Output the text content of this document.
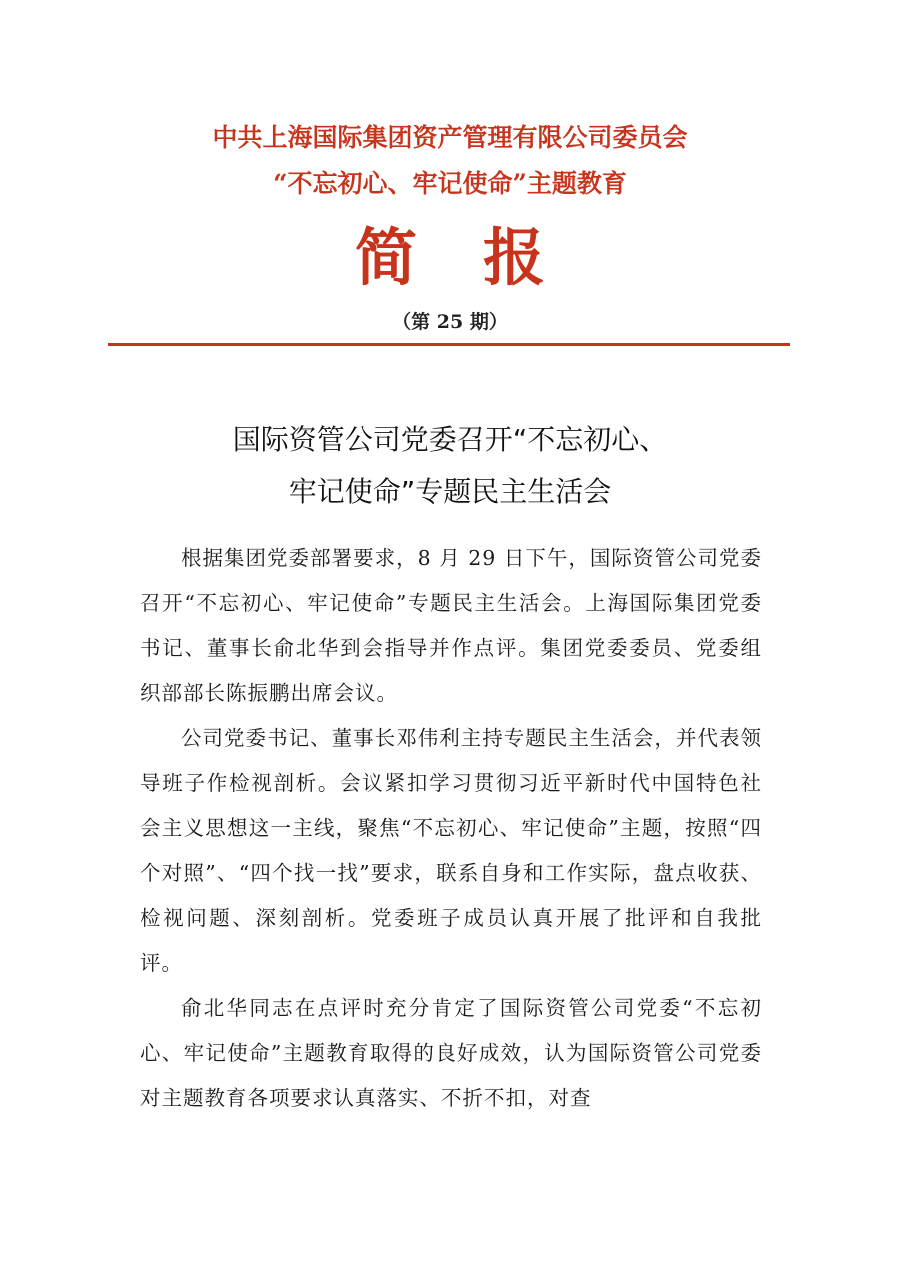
中共上海国际集团资产管理有限公司委员会
“不忘初心、牢记使命”主题教育
简报
（第 25 期）
国际资管公司党委召开“不忘初心、
牢记使命”专题民主生活会

根据集团党委部署要求，8 月 29 日下午，国际资管公司党委召开“不忘初心、牢记使命”专题民主生活会。上海国际集团党委书记、董事长俞北华到会指导并作点评。集团党委委员、党委组织部部长陈振鹏出席会议。

公司党委书记、董事长邓伟利主持专题民主生活会，并代表领导班子作检视剖析。会议紧扣学习贯彻习近平新时代中国特色社会主义思想这一主线，聚焦“不忘初心、牢记使命”主题，按照“四个对照”、“四个找一找”要求，联系自身和工作实际，盘点收获、检视问题、深刻剖析。党委班子成员认真开展了批评和自我批评。

俞北华同志在点评时充分肯定了国际资管公司党委“不忘初心、牢记使命”主题教育取得的良好成效，认为国际资管公司党委对主题教育各项要求认真落实、不折不扣，对查
